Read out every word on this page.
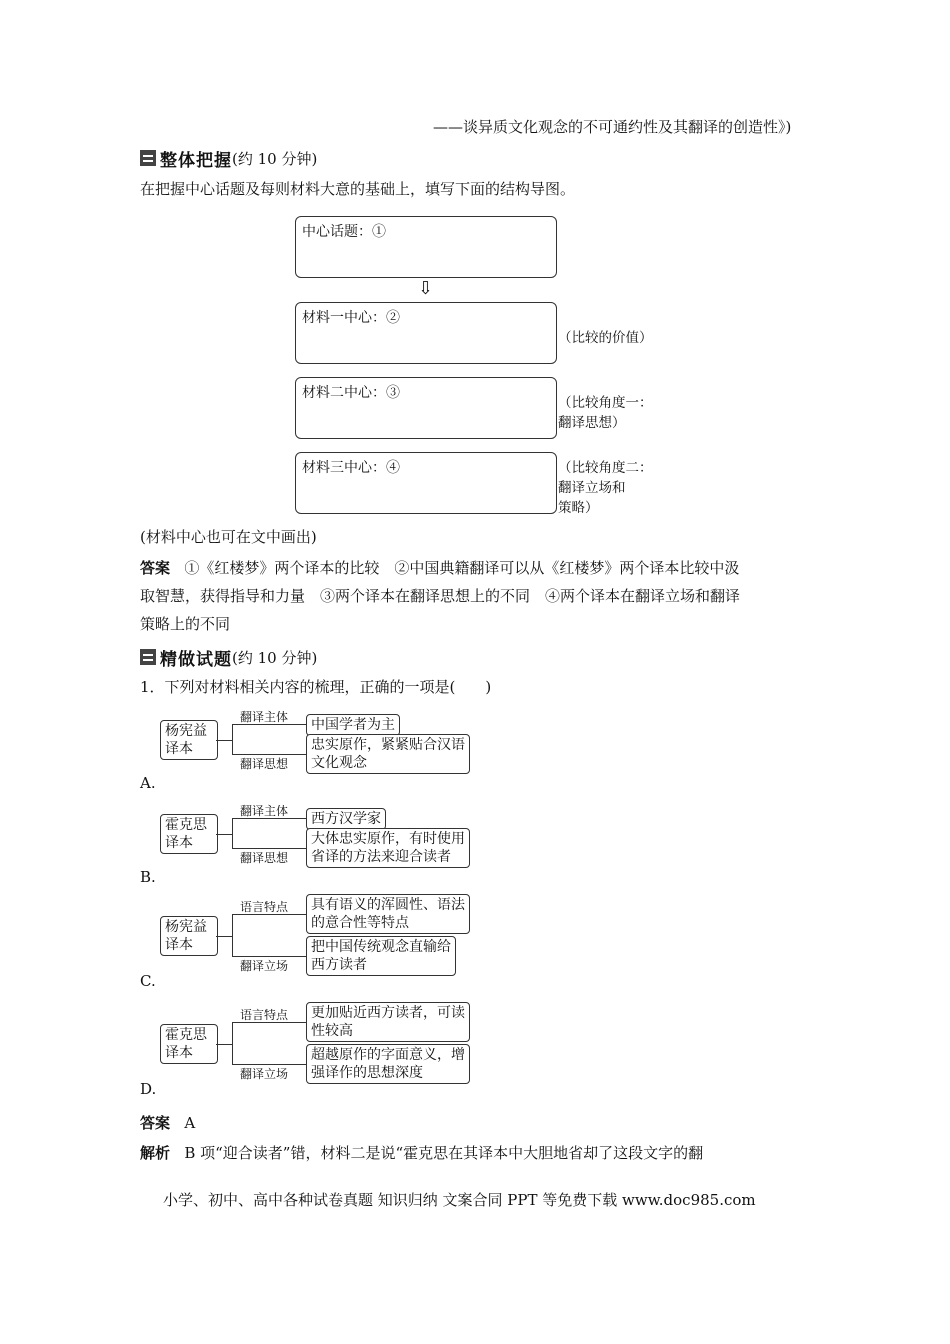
——谈异质文化观念的不可通约性及其翻译的创造性》)
整体把握 (约 10 分钟)
在把握中心话题及每则材料大意的基础上，填写下面的结构导图。
中心话题：①
⇩
材料一中心：②
材料二中心：③
材料三中心：④
（比较的价值）
（比较角度一：
翻译思想）
（比较角度二：
翻译立场和
策略）
(材料中心也可在文中画出)
答案 ①《红楼梦》两个译本的比较　②中国典籍翻译可以从《红楼梦》两个译本比较中汲
取智慧，获得指导和力量　③两个译本在翻译思想上的不同　④两个译本在翻译立场和翻译
策略上的不同
精做试题 (约 10 分钟)
1．下列对材料相关内容的梳理，正确的一项是(　　)
杨宪益
译本
翻译主体
翻译思想
中国学者为主
忠实原作，紧紧贴合汉语
文化观念
A.
霍克思
译本
翻译主体
翻译思想
西方汉学家
大体忠实原作，有时使用
省译的方法来迎合读者
B.
杨宪益
译本
语言特点
翻译立场
具有语义的浑圆性、语法
的意合性等特点
把中国传统观念直输给
西方读者
C.
霍克思
译本
语言特点
翻译立场
更加贴近西方读者，可读
性较高
超越原作的字面意义，增
强译作的思想深度
D.
答案 A
解析 B 项“迎合读者”错，材料二是说“霍克思在其译本中大胆地省却了这段文字的翻
小学、初中、高中各种试卷真题 知识归纳 文案合同 PPT 等免费下载 www.doc985.com
